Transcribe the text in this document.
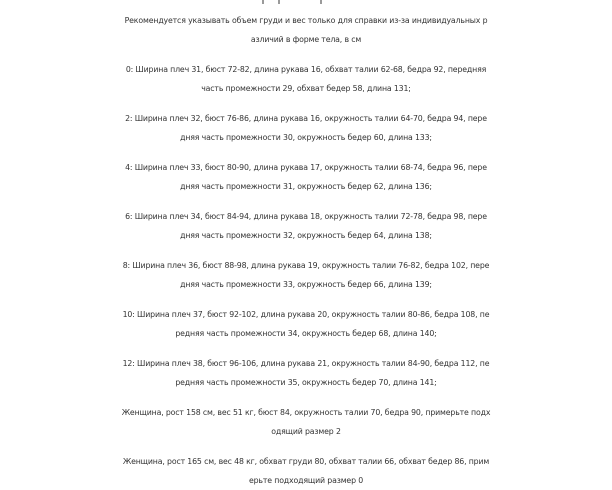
Рекомендуется указывать объем груди и вес только для справки из-за индивидуальных р

азличий в форме тела, в см

0: Ширина плеч 31, бюст 72-82, длина рукава 16, обхват талии 62-68, бедра 92, передняя

часть промежности 29, обхват бедер 58, длина 131;

2: Ширина плеч 32, бюст 76-86, длина рукава 16, окружность талии 64-70, бедра 94, пере

дняя часть промежности 30, окружность бедер 60, длина 133;

4: Ширина плеч 33, бюст 80-90, длина рукава 17, окружность талии 68-74, бедра 96, пере

дняя часть промежности 31, окружность бедер 62, длина 136;

6: Ширина плеч 34, бюст 84-94, длина рукава 18, окружность талии 72-78, бедра 98, пере

дняя часть промежности 32, окружность бедер 64, длина 138;

8: Ширина плеч 36, бюст 88-98, длина рукава 19, окружность талии 76-82, бедра 102, пере

дняя часть промежности 33, окружность бедер 66, длина 139;

10: Ширина плеч 37, бюст 92-102, длина рукава 20, окружность талии 80-86, бедра 108, пе

редняя часть промежности 34, окружность бедер 68, длина 140;

12: Ширина плеч 38, бюст 96-106, длина рукава 21, окружность талии 84-90, бедра 112, пе

редняя часть промежности 35, окружность бедер 70, длина 141;

Женщина, рост 158 см, вес 51 кг, бюст 84, окружность талии 70, бедра 90, примерьте подх

одящий размер 2

Женщина, рост 165 см, вес 48 кг, обхват груди 80, обхват талии 66, обхват бедер 86, прим

ерьте подходящий размер 0
